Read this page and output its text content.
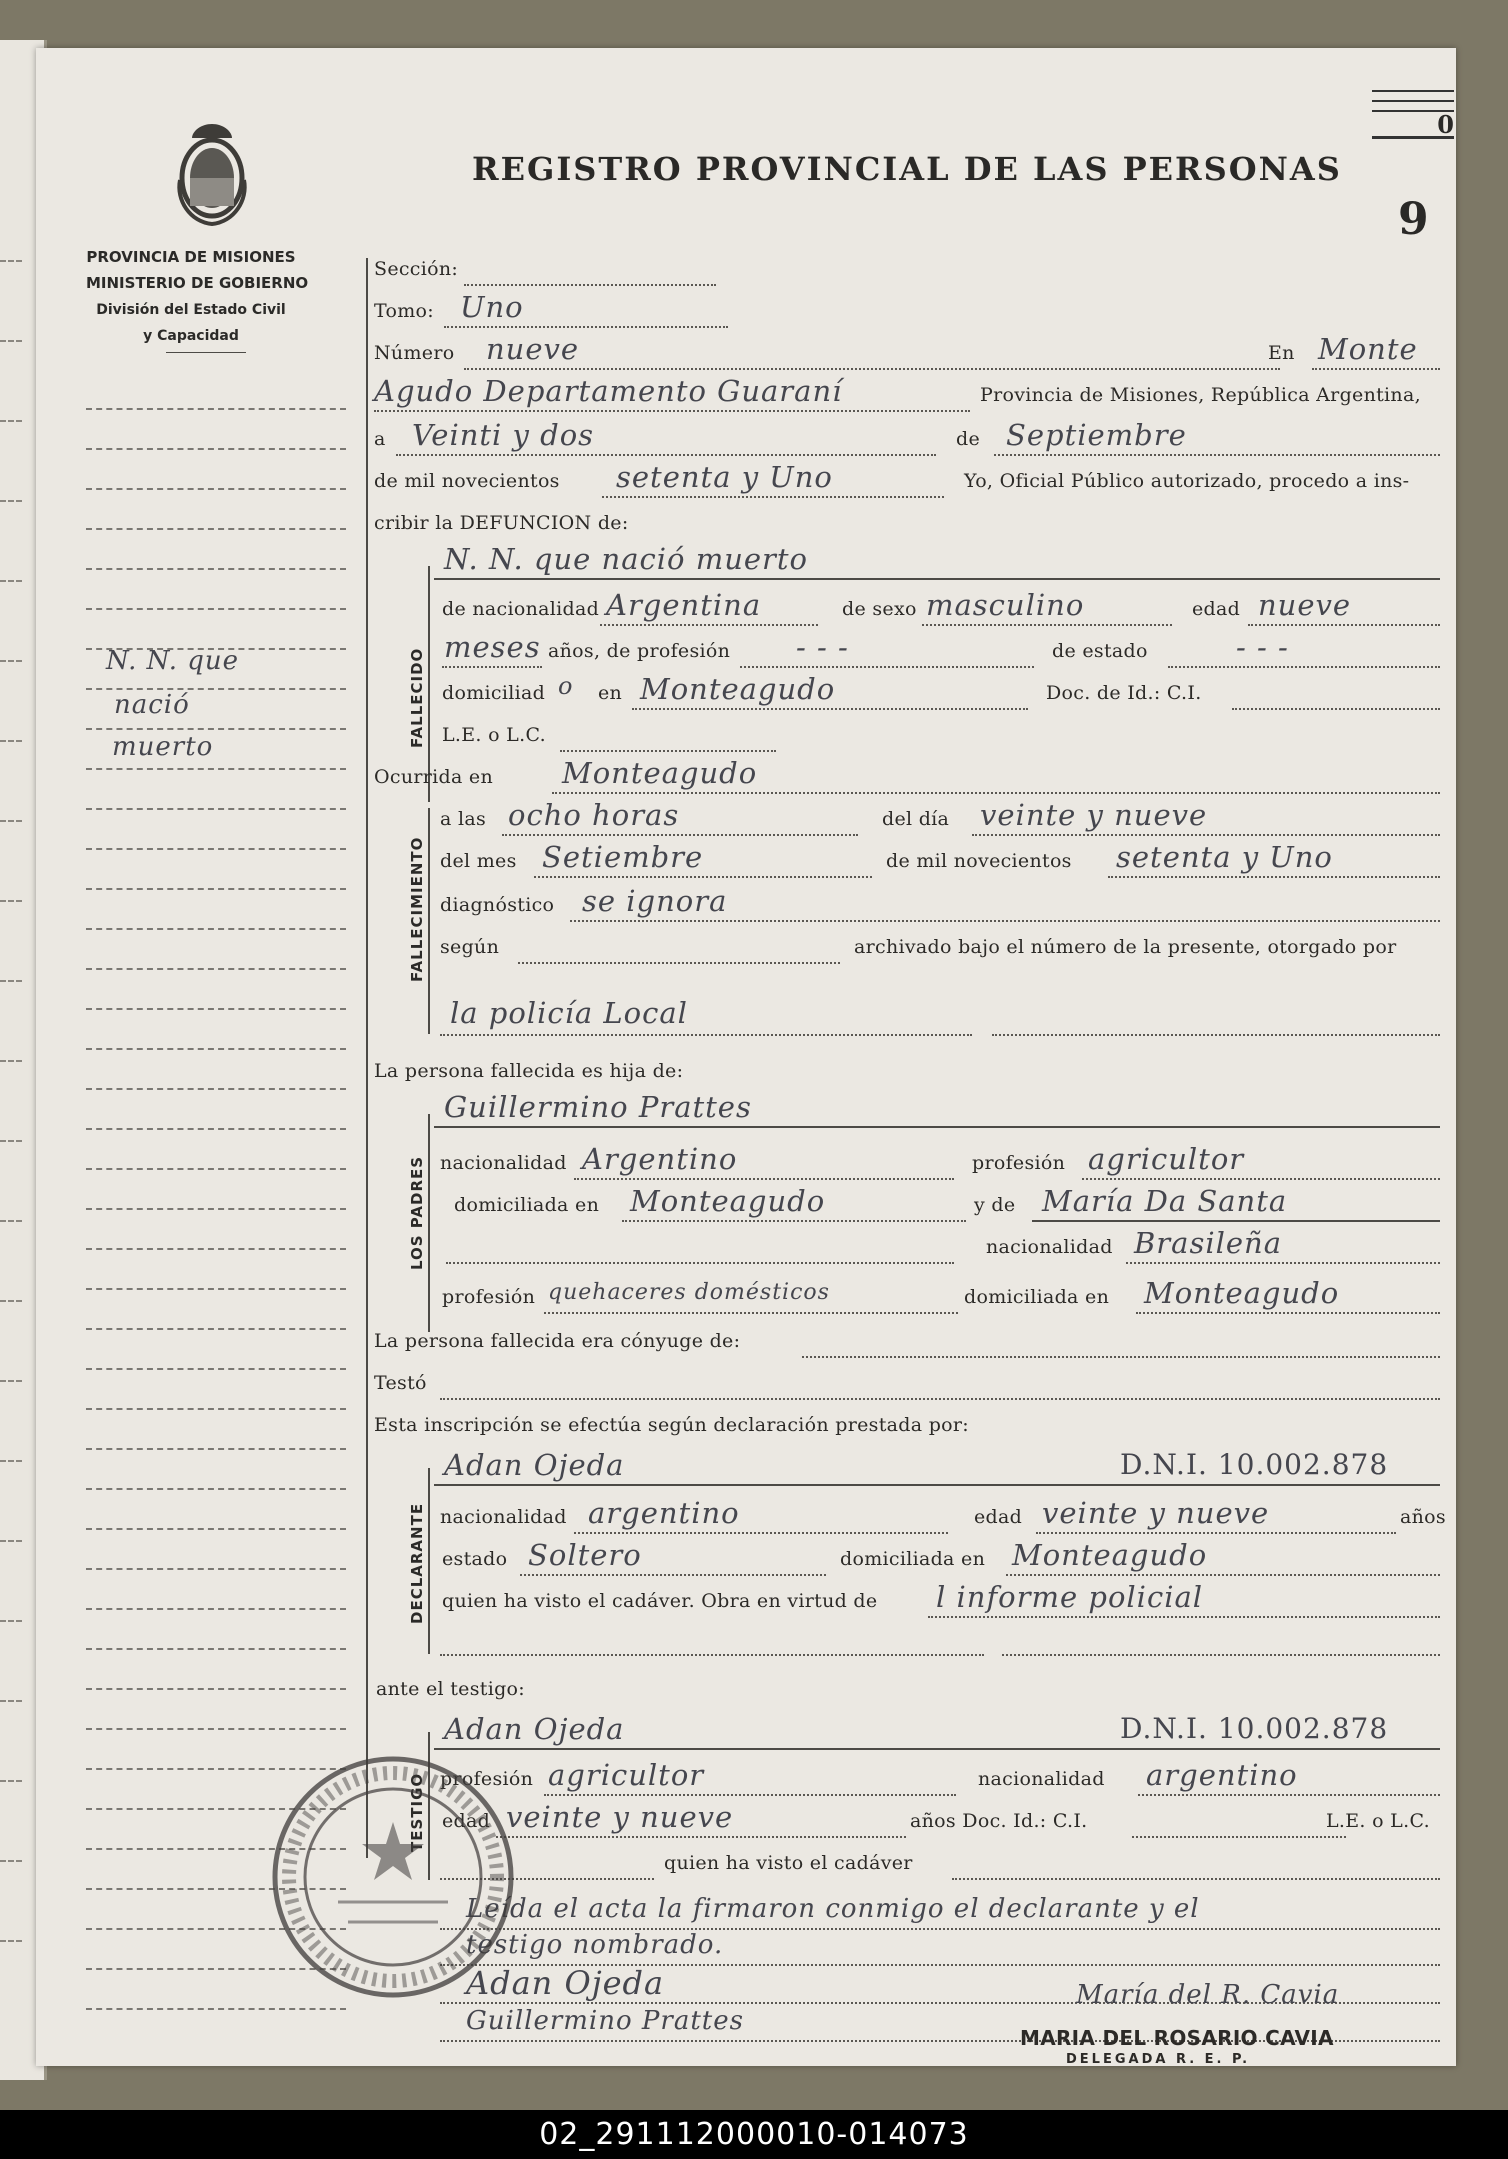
PROVINCIA DE MISIONES
MINISTERIO DE GOBIERNO
División del Estado Civil
y Capacidad
REGISTRO PROVINCIAL DE LAS PERSONAS
9
0
N. N. que
nació
muerto
Sección:
Tomo: Uno
Número nueve	En Monte
Agudo Departamento Guaraní	Provincia de Misiones, República Argentina,
a Veinti y dos	de Septiembre
de mil novecientos setenta y Uno	Yo, Oficial Público autorizado, procedo a ins-
cribir la DEFUNCION de:
FALLECIDO
N. N. que nació muerto
de nacionalidad Argentina	de sexo masculino	edad nueve
meses años, de profesión - - -	de estado	- - -
domiciliad o en Monteagudo	Doc. de Id.: C.I.
L.E. o L.C.
Ocurrida en Monteagudo
FALLECIMIENTO
a las ocho horas	del día veinte y nueve
del mes Setiembre	de mil novecientos setenta y Uno
diagnóstico se ignora
según	archivado bajo el número de la presente, otorgado por
la policía Local
La persona fallecida es hija de:
LOS PADRES
Guillermino Prattes
nacionalidad Argentino	profesión agricultor
domiciliada en Monteagudo	y de María Da Santa
nacionalidad Brasileña
profesión quehaceres domésticos	domiciliada en Monteagudo
La persona fallecida era cónyuge de:
Testó
Esta inscripción se efectúa según declaración prestada por:
DECLARANTE
Adan Ojeda	D.N.I. 10.002.878
nacionalidad argentino	edad veinte y nueve	años
estado Soltero	domiciliada en Monteagudo
quien ha visto el cadáver. Obra en virtud de l informe policial
ante el testigo:
TESTIGO
Adan Ojeda	D.N.I. 10.002.878
profesión agricultor	nacionalidad argentino
edad veinte y nueve	años Doc. Id.: C.I.	L.E. o L.C.
quien ha visto el cadáver
Leída el acta la firmaron conmigo el declarante y el
testigo nombrado.
Adan Ojeda
Guillermino Prattes
María del R. Cavia
MARIA DEL ROSARIO CAVIA
DELEGADA R. E. P.
02_291112000010-014073
